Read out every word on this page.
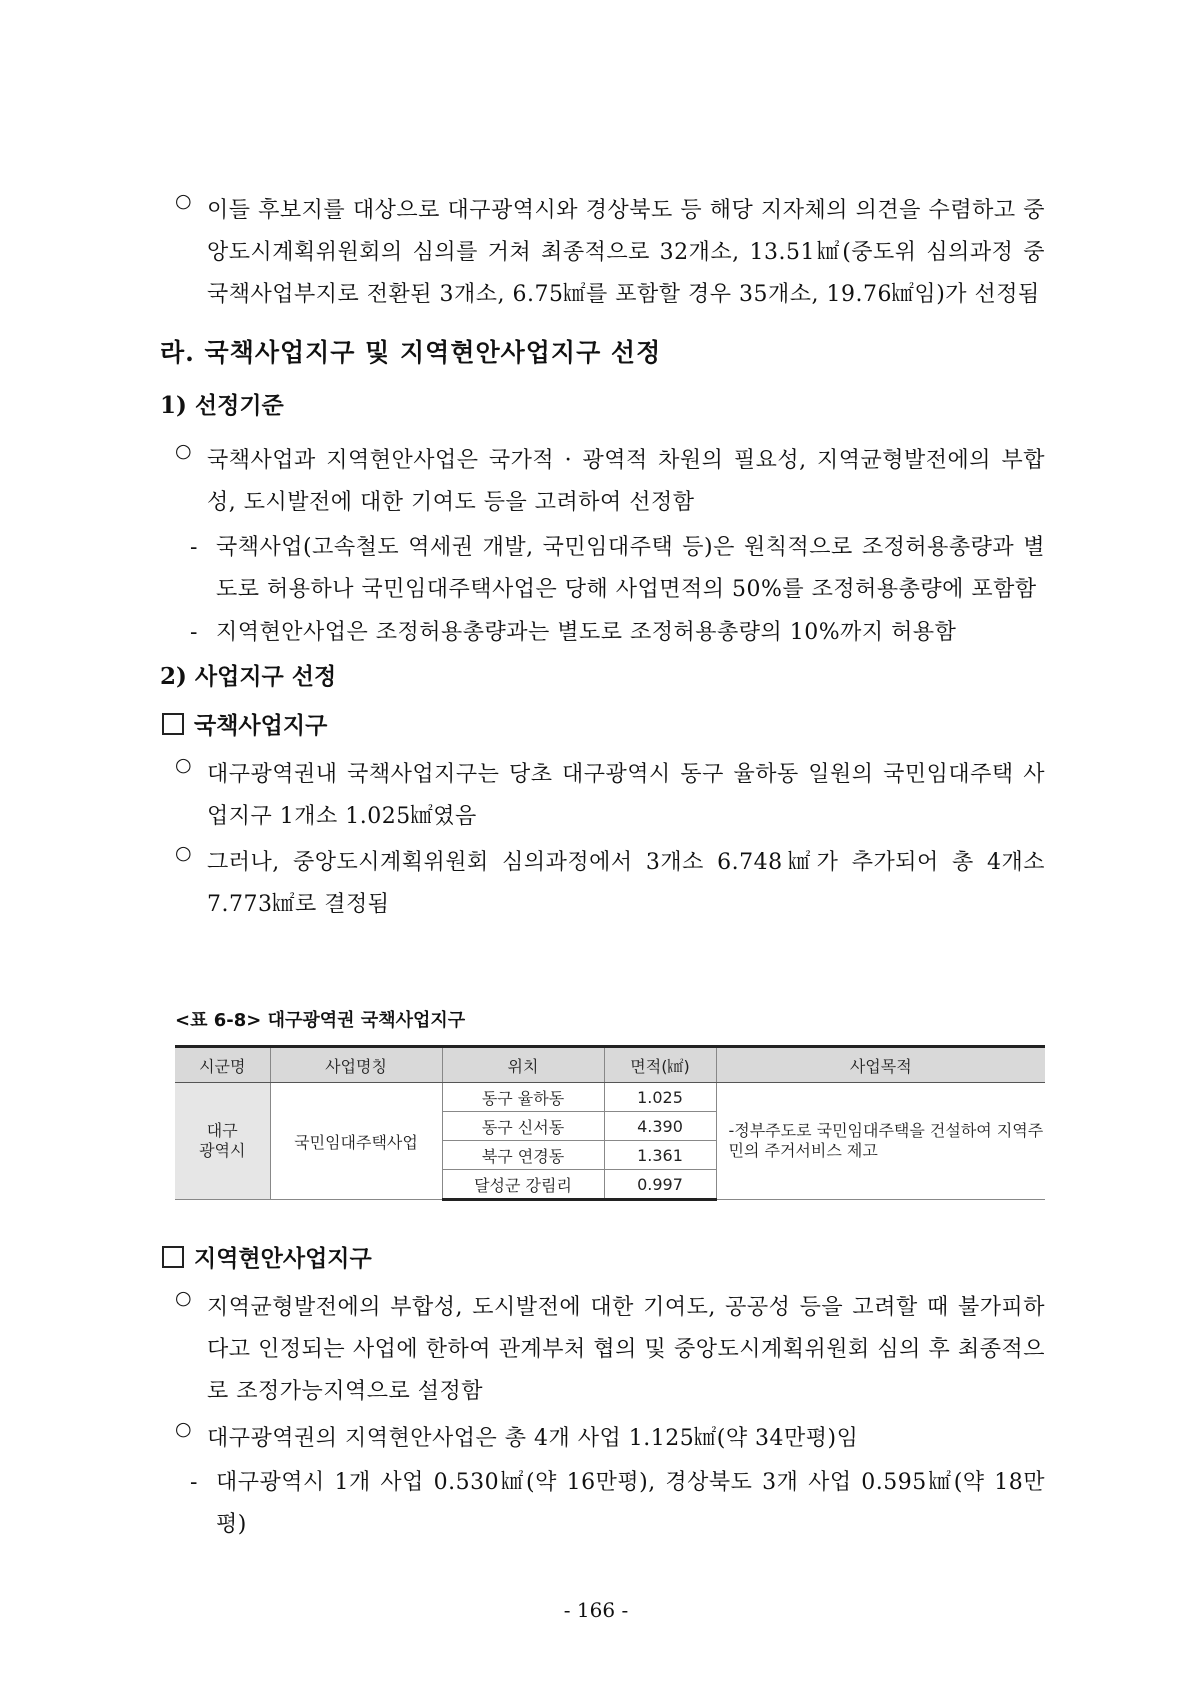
○ 이들 후보지를 대상으로 대구광역시와 경상북도 등 해당 지자체의 의견을 수렴하고 중앙도시계획위원회의 심의를 거쳐 최종적으로 32개소, 13.51㎢(중도위 심의과정 중 국책사업부지로 전환된 3개소, 6.75㎢를 포함할 경우 35개소, 19.76㎢임)가 선정됨
라. 국책사업지구 및 지역현안사업지구 선정
1) 선정기준
○ 국책사업과 지역현안사업은 국가적 · 광역적 차원의 필요성, 지역균형발전에의 부합성, 도시발전에 대한 기여도 등을 고려하여 선정함
- 국책사업(고속철도 역세권 개발, 국민임대주택 등)은 원칙적으로 조정허용총량과 별도로 허용하나 국민임대주택사업은 당해 사업면적의 50%를 조정허용총량에 포함함
- 지역현안사업은 조정허용총량과는 별도로 조정허용총량의 10%까지 허용함
2) 사업지구 선정
국책사업지구
○ 대구광역권내 국책사업지구는 당초 대구광역시 동구 율하동 일원의 국민임대주택 사업지구 1개소 1.025㎢였음
○ 그러나, 중앙도시계획위원회 심의과정에서 3개소 6.748㎢가 추가되어 총 4개소 7.773㎢로 결정됨
<표 6-8> 대구광역권 국책사업지구
시군명	사업명칭	위치	면적(㎢)	사업목적
대구
광역시	국민임대주택사업	동구 율하동	1.025	-정부주도로 국민임대주택을 건설하여 지역주민의 주거서비스 제고
		동구 신서동	4.390	
		북구 연경동	1.361	
		달성군 강림리	0.997	
지역현안사업지구
○ 지역균형발전에의 부합성, 도시발전에 대한 기여도, 공공성 등을 고려할 때 불가피하다고 인정되는 사업에 한하여 관계부처 협의 및 중앙도시계획위원회 심의 후 최종적으로 조정가능지역으로 설정함
○ 대구광역권의 지역현안사업은 총 4개 사업 1.125㎢(약 34만평)임
- 대구광역시 1개 사업 0.530㎢(약 16만평), 경상북도 3개 사업 0.595㎢(약 18만평)
- 166 -
